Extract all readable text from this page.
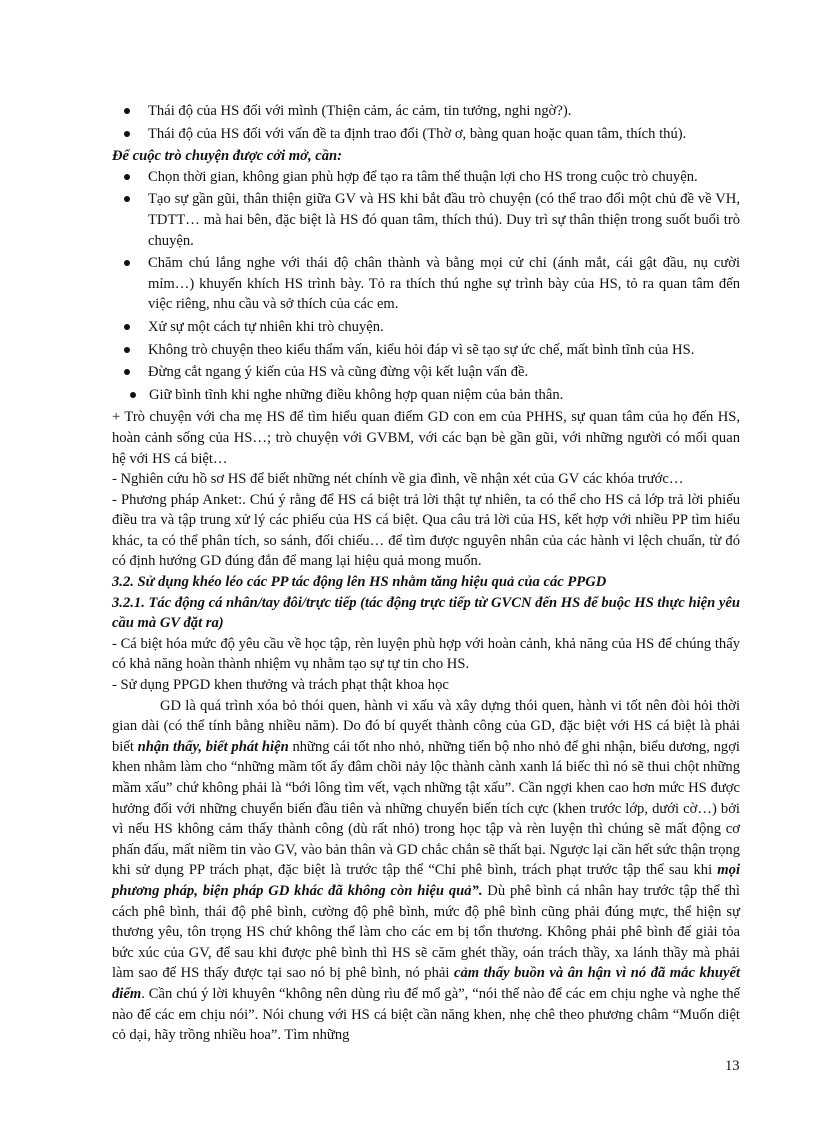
Thái độ của HS đối với mình (Thiện cảm, ác cảm, tin tưởng, nghi ngờ?).
Thái độ của HS đối với vấn đề ta định trao đổi (Thờ ơ, bàng quan hoặc quan tâm, thích thú).

Để cuộc trò chuyện được cởi mở, cần:

Chọn thời gian, không gian phù hợp để tạo ra tâm thế thuận lợi cho HS trong cuộc trò chuyện.
Tạo sự gần gũi, thân thiện giữa GV và HS khi bắt đầu trò chuyện (có thể trao đổi một chủ đề về VH, TDTT… mà hai bên, đặc biệt là HS đó quan tâm, thích thú). Duy trì sự thân thiện trong suốt buổi trò chuyện.
Chăm chú lắng nghe với thái độ chân thành và bằng mọi cử chỉ (ánh mắt, cái gật đầu, nụ cười mỉm…) khuyến khích HS trình bày. Tỏ ra thích thú nghe sự trình bày của HS, tỏ ra quan tâm đến việc riêng, nhu cầu và sở thích của các em.
Xử sự một cách tự nhiên khi trò chuyện.
Không trò chuyện theo kiểu thẩm vấn, kiểu hỏi đáp vì sẽ tạo sự ức chế, mất bình tĩnh của HS.
Đừng cắt ngang ý kiến của HS và cũng đừng vội kết luận vấn đề.
Giữ bình tĩnh khi nghe những điều không hợp quan niệm của bản thân.

+ Trò chuyện với cha mẹ HS để tìm hiểu quan điểm GD con em của PHHS, sự quan tâm của họ đến HS, hoàn cảnh sống của HS…; trò chuyện với GVBM, với các bạn bè gần gũi, với những người có mối quan hệ với HS cá biệt…

- Nghiên cứu hồ sơ HS để biết những nét chính về gia đình, về nhận xét của GV các khóa trước…

- Phương pháp Anket:. Chú ý rằng để HS cá biệt trả lời thật tự nhiên, ta có thể cho HS cả lớp trả lời phiếu điều tra và tập trung xử lý các phiếu của HS cá biệt. Qua câu trả lời của HS, kết hợp với nhiều PP tìm hiểu khác, ta có thể phân tích, so sánh, đối chiếu… để tìm được nguyên nhân của các hành vi lệch chuẩn, từ đó có định hướng GD đúng đắn để mang lại hiệu quả mong muốn.

3.2. Sử dụng khéo léo các PP tác động lên HS nhằm tăng hiệu quả của các PPGD

3.2.1. Tác động cá nhân/tay đôi/trực tiếp (tác động trực tiếp từ GVCN đến HS để buộc HS thực hiện yêu cầu mà GV đặt ra)

- Cá biệt hóa mức độ yêu cầu về học tập, rèn luyện phù hợp với hoàn cảnh, khả năng của HS để chúng thấy có khả năng hoàn thành nhiệm vụ nhằm tạo sự tự tin cho HS.

- Sử dụng PPGD khen thưởng và trách phạt thật khoa học

GD là quá trình xóa bỏ thói quen, hành vi xấu và xây dựng thói quen, hành vi tốt nên đòi hỏi thời gian dài (có thể tính bằng nhiều năm). Do đó bí quyết thành công của GD, đặc biệt với HS cá biệt là phải biết nhận thấy, biết phát hiện những cái tốt nho nhỏ, những tiến bộ nho nhỏ để ghi nhận, biểu dương, ngợi khen nhằm làm cho “những mầm tốt ấy đâm chồi nảy lộc thành cành xanh lá biếc thì nó sẽ thui chột những mầm xấu” chứ không phải là “bới lông tìm vết, vạch những tật xấu”. Cần ngợi khen cao hơn mức HS được hưởng đối với những chuyển biến đầu tiên và những chuyển biến tích cực (khen trước lớp, dưới cờ…) bởi vì nếu HS không cảm thấy thành công (dù rất nhỏ) trong học tập và rèn luyện thì chúng sẽ mất động cơ phấn đấu, mất niềm tin vào GV, vào bản thân và GD chắc chắn sẽ thất bại. Ngược lại cần hết sức thận trọng khi sử dụng PP trách phạt, đặc biệt là trước tập thể “Chỉ phê bình, trách phạt trước tập thể sau khi mọi phương pháp, biện pháp GD khác đã không còn hiệu quả”. Dù phê bình cá nhân hay trước tập thể thì cách phê bình, thái độ phê bình, cường độ phê bình, mức độ phê bình cũng phải đúng mực, thể hiện sự thương yêu, tôn trọng HS chứ không thể làm cho các em bị tổn thương. Không phải phê bình để giải tỏa bức xúc của GV, để sau khi được phê bình thì HS sẽ căm ghét thầy, oán trách thầy, xa lánh thầy mà phải làm sao để HS thấy được tại sao nó bị phê bình, nó phải cảm thấy buồn và ân hận vì nó đã mắc khuyết điểm. Cần chú ý lời khuyên “không nên dùng rìu để mổ gà”, “nói thế nào để các em chịu nghe và nghe thế nào để các em chịu nói”. Nói chung với HS cá biệt cần năng khen, nhẹ chê theo phương châm “Muốn diệt cỏ dại, hãy trồng nhiều hoa”. Tìm những

13
